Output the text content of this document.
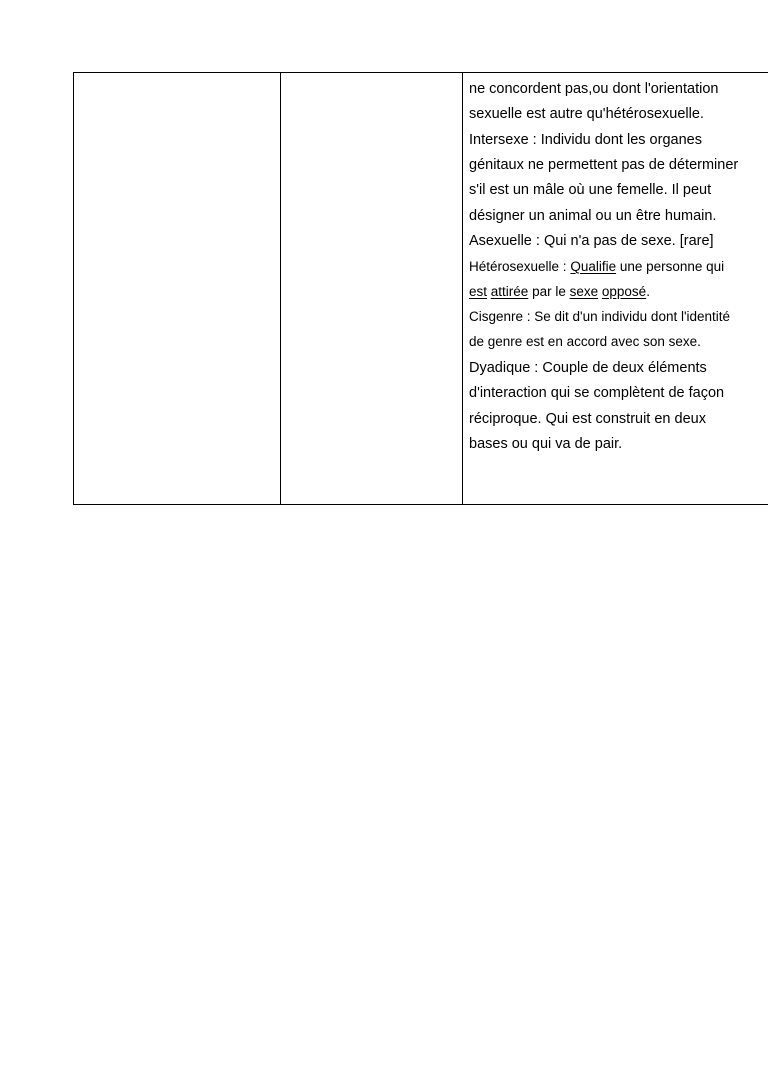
ne concordent pas,ou dont l'orientation
sexuelle est autre qu'hétérosexuelle.
Intersexe : Individu dont les organes
génitaux ne permettent pas de déterminer
s'il est un mâle où une femelle. Il peut
désigner un animal ou un être humain.
Asexuelle : Qui n'a pas de sexe. [rare]
Hétérosexuelle : Qualifie une personne qui
est attirée par le sexe opposé.
Cisgenre : Se dit d'un individu dont l'identité
de genre est en accord avec son sexe.
Dyadique : Couple de deux éléments
d'interaction qui se complètent de façon
réciproque. Qui est construit en deux
bases ou qui va de pair.
